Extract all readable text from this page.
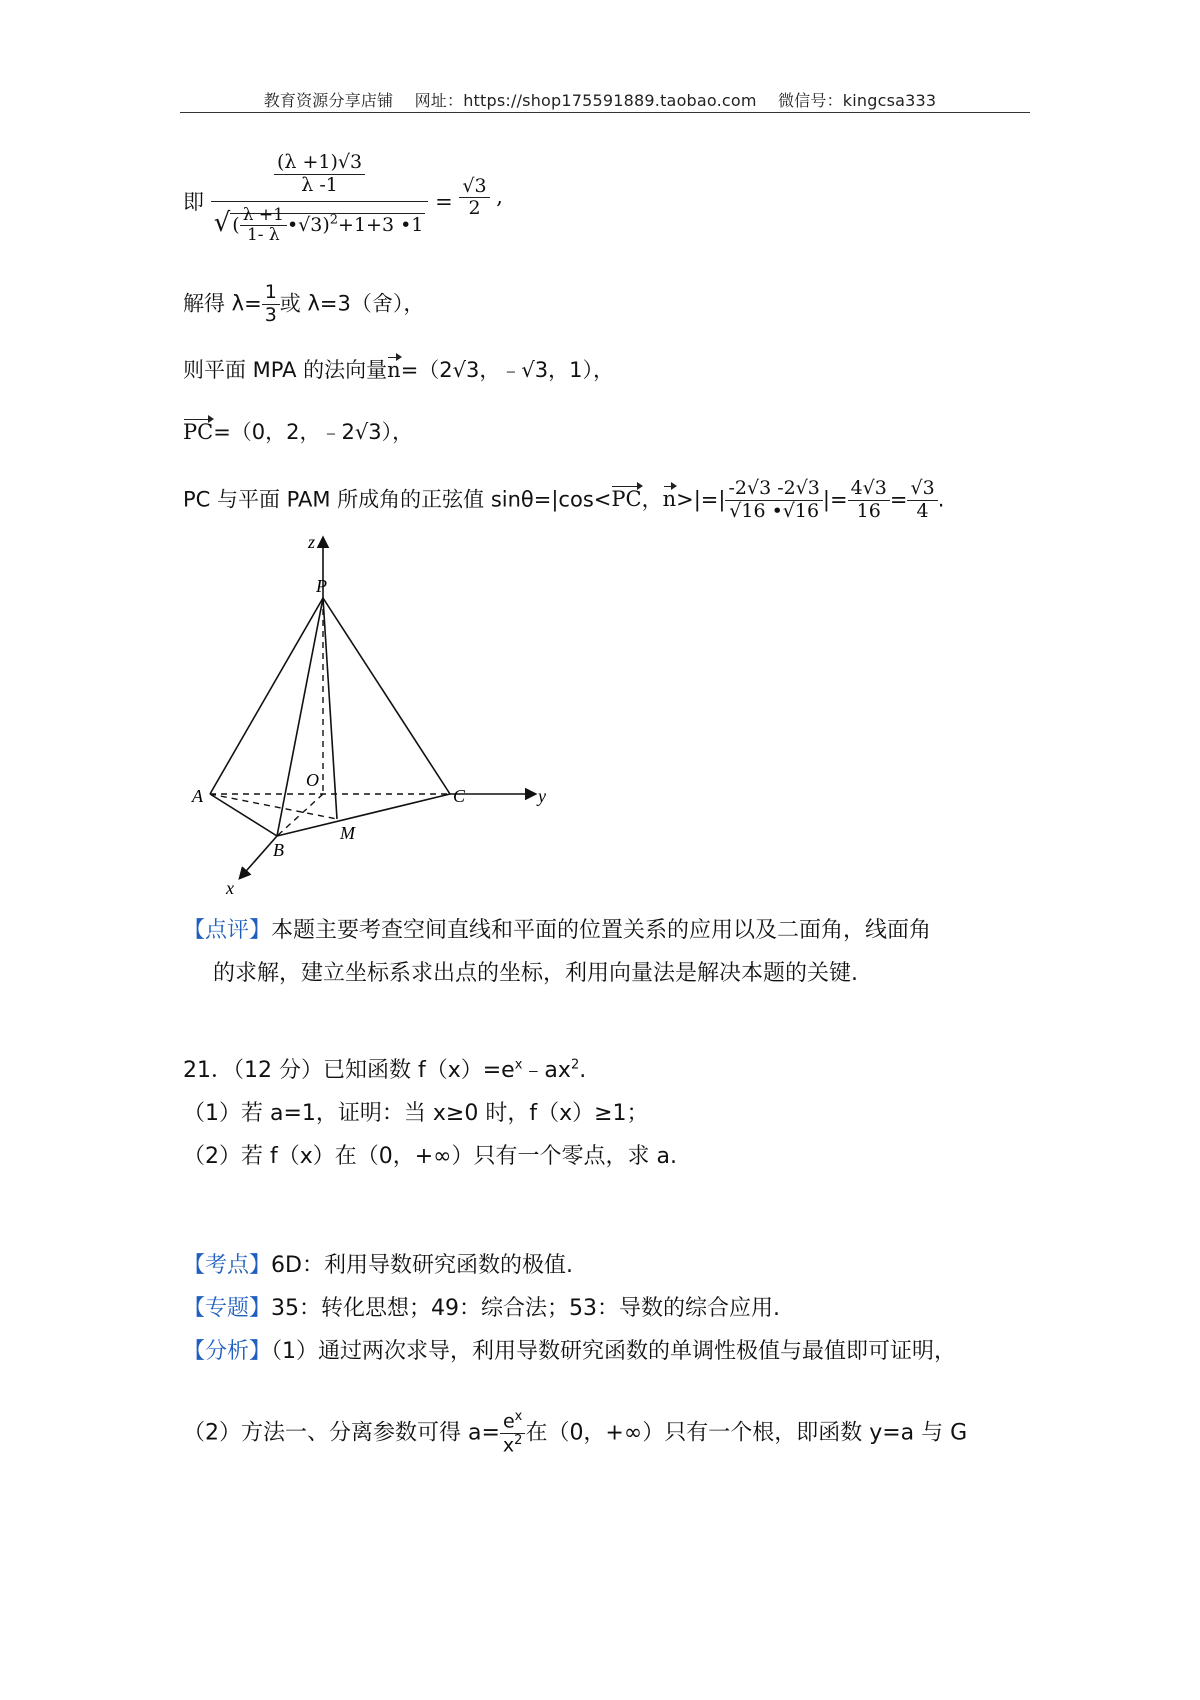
教育资源分享店铺 网址：https://shop175591889.taobao.com 微信号：kingcsa333
即 $\frac{\frac{(\lambda +1)√3}{\lambda -1}}{√ ( \frac{\lambda +1}{1- \lambda} •√3)^2+1+3 •1} = \frac{√3}{2}$ ,
解得 $\lambda= \frac{1}{3}$ 或 λ=3（舍），
则平面 MPA 的法向量n=（2√3，﹣√3，1），
PC=（0，2，﹣2√3），
PC 与平面 PAM 所成角的正弦值 sinθ=|cos<PC，$n>|=| \frac{-2√3 -2√3}{√16 •√16}$ |= $\frac{4√3}{16} = \frac{√3}{4}$ .
z
P
O
A	C	y
B
M
x
【点评】本题主要考查空间直线和平面的位置关系的应用以及二面角，线面角
的求解，建立坐标系求出点的坐标，利用向量法是解决本题的关键.
21．（12 分）已知函数 $f(x)=e^x﹣ax^2$.
（1）若 a=1，证明：当 x≥0 时，f（x）≥1；
（2）若 f（x）在（0，+∞）只有一个零点，求 a.
【考点】6D：利用导数研究函数的极值.
【专题】35：转化思想；49：综合法；53：导数的综合应用.
【分析】（1）通过两次求导，利用导数研究函数的单调性极值与最值即可证明，
（2）方法一、分离参数可得 $a= \frac{e^x}{x^2}$ 在（0，+∞）只有一个根，即函数 y=a 与 G
